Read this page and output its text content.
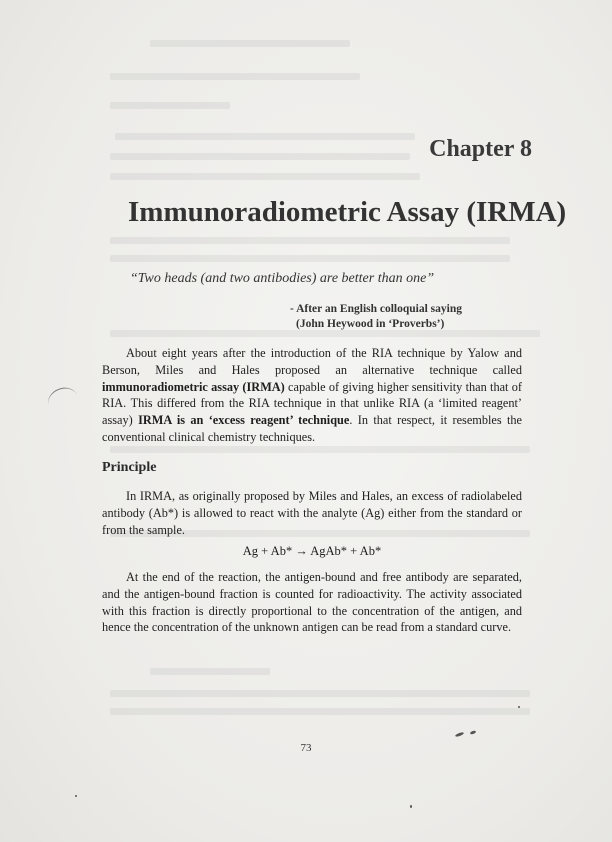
Chapter 8
Immunoradiometric Assay (IRMA)

“Two heads (and two antibodies) are better than one”

- After an English colloquial saying
(John Heywood in ‘Proverbs’)

About eight years after the introduction of the RIA technique by Yalow and Berson, Miles and Hales proposed an alternative technique called immunoradiometric assay (IRMA) capable of giving higher sensitivity than that of RIA. This differed from the RIA technique in that unlike RIA (a ‘limited reagent’ assay) IRMA is an ‘excess reagent’ technique. In that respect, it resembles the conventional clinical chemistry techniques.

Principle

In IRMA, as originally proposed by Miles and Hales, an excess of radiolabeled antibody (Ab*) is allowed to react with the analyte (Ag) either from the standard or from the sample.

Ag + Ab* → AgAb* + Ab*

At the end of the reaction, the antigen-bound and free antibody are separated, and the antigen-bound fraction is counted for radioactivity. The activity associated with this fraction is directly proportional to the concentration of the antigen, and hence the concentration of the unknown antigen can be read from a standard curve.

73
